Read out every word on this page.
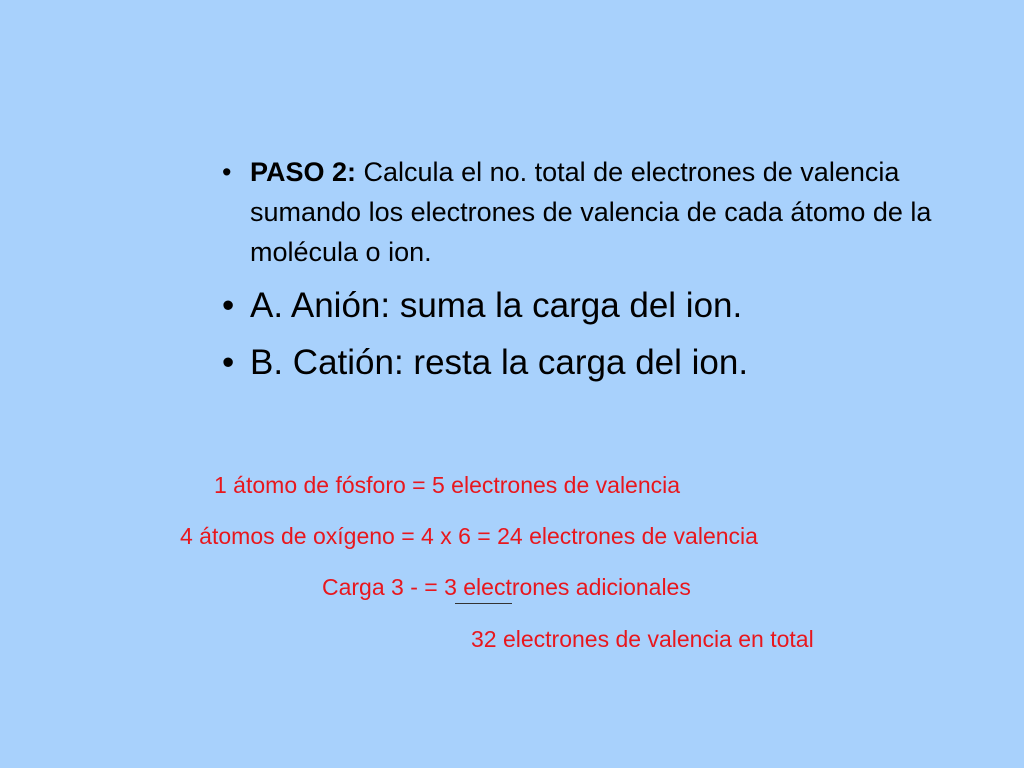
• PASO 2: Calcula el no. total de electrones de valencia sumando los electrones de valencia de cada átomo de la molécula o ion.
• A. Anión: suma la carga del ion.
• B. Catión: resta la carga del ion.
1 átomo de fósforo = 5 electrones de valencia
4 átomos de oxígeno = 4 x 6 = 24 electrones de valencia
Carga 3 - = 3 electrones adicionales
32 electrones de valencia en total
